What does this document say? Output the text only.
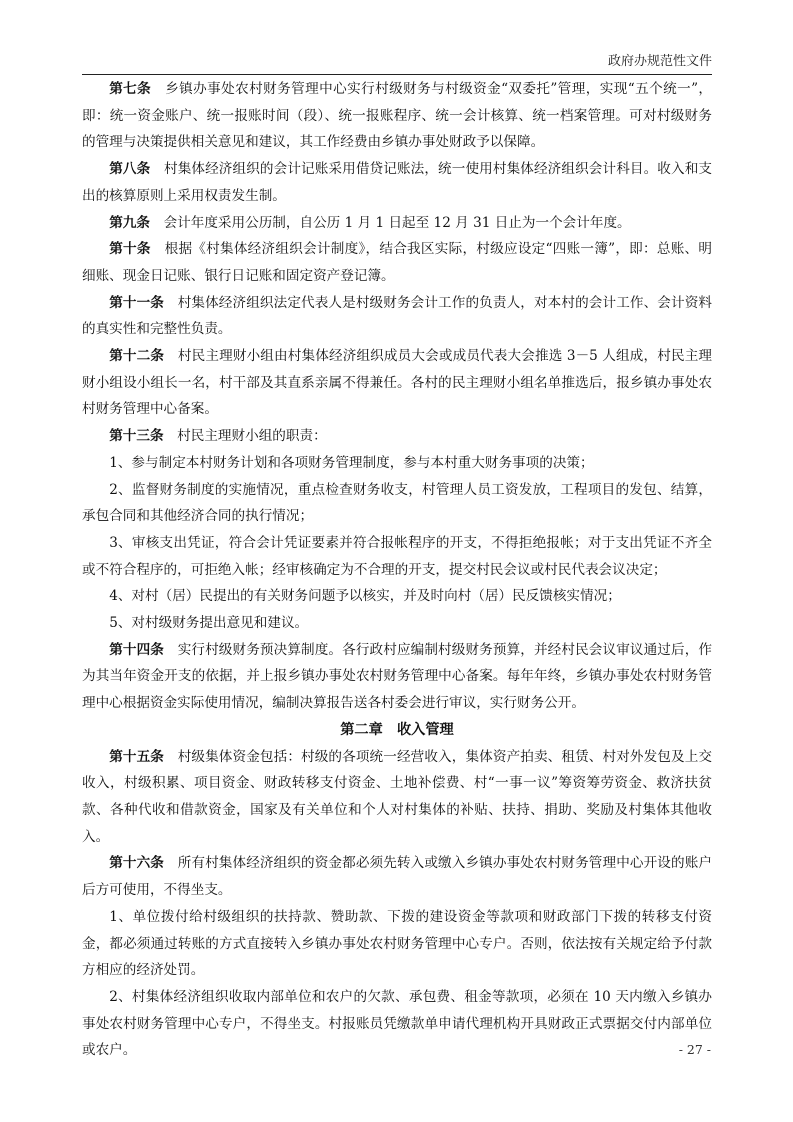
政府办规范性文件

第七条　 乡镇办事处农村财务管理中心实行村级财务与村级资金“双委托”管理，实现“五个统一”，即：统一资金账户、统一报账时间（段）、统一报账程序、统一会计核算、统一档案管理。可对村级财务的管理与决策提供相关意见和建议，其工作经费由乡镇办事处财政予以保障。

第八条　 村集体经济组织的会计记账采用借贷记账法，统一使用村集体经济组织会计科目。收入和支出的核算原则上采用权责发生制。

第九条　 会计年度采用公历制，自公历 1 月 1 日起至 12 月 31 日止为一个会计年度。

第十条　 根据《村集体经济组织会计制度》，结合我区实际，村级应设定“四账一簿”，即：总账、明细账、现金日记账、银行日记账和固定资产登记簿。

第十一条　 村集体经济组织法定代表人是村级财务会计工作的负责人，对本村的会计工作、会计资料的真实性和完整性负责。

第十二条　 村民主理财小组由村集体经济组织成员大会或成员代表大会推选 3－5 人组成，村民主理财小组设小组长一名，村干部及其直系亲属不得兼任。各村的民主理财小组名单推选后，报乡镇办事处农村财务管理中心备案。

第十三条　 村民主理财小组的职责：

1、参与制定本村财务计划和各项财务管理制度，参与本村重大财务事项的决策；

2、监督财务制度的实施情况，重点检查财务收支，村管理人员工资发放，工程项目的发包、结算，承包合同和其他经济合同的执行情况；

3、审核支出凭证，符合会计凭证要素并符合报帐程序的开支，不得拒绝报帐；对于支出凭证不齐全或不符合程序的，可拒绝入帐；经审核确定为不合理的开支，提交村民会议或村民代表会议决定；

4、对村（居）民提出的有关财务问题予以核实，并及时向村（居）民反馈核实情况；

5、对村级财务提出意见和建议。

第十四条　 实行村级财务预决算制度。各行政村应编制村级财务预算，并经村民会议审议通过后，作为其当年资金开支的依据，并上报乡镇办事处农村财务管理中心备案。每年年终，乡镇办事处农村财务管理中心根据资金实际使用情况，编制决算报告送各村委会进行审议，实行财务公开。

第二章　收入管理

第十五条　 村级集体资金包括：村级的各项统一经营收入，集体资产拍卖、租赁、村对外发包及上交收入，村级积累、项目资金、财政转移支付资金、土地补偿费、村“一事一议”筹资筹劳资金、救济扶贫款、各种代收和借款资金，国家及有关单位和个人对村集体的补贴、扶持、捐助、奖励及村集体其他收入。

第十六条　 所有村集体经济组织的资金都必须先转入或缴入乡镇办事处农村财务管理中心开设的账户后方可使用，不得坐支。

1、单位拨付给村级组织的扶持款、赞助款、下拨的建设资金等款项和财政部门下拨的转移支付资金，都必须通过转账的方式直接转入乡镇办事处农村财务管理中心专户。否则，依法按有关规定给予付款方相应的经济处罚。

2、村集体经济组织收取内部单位和农户的欠款、承包费、租金等款项，必须在 10 天内缴入乡镇办事处农村财务管理中心专户，不得坐支。村报账员凭缴款单申请代理机构开具财政正式票据交付内部单位或农户。	- 27 -
